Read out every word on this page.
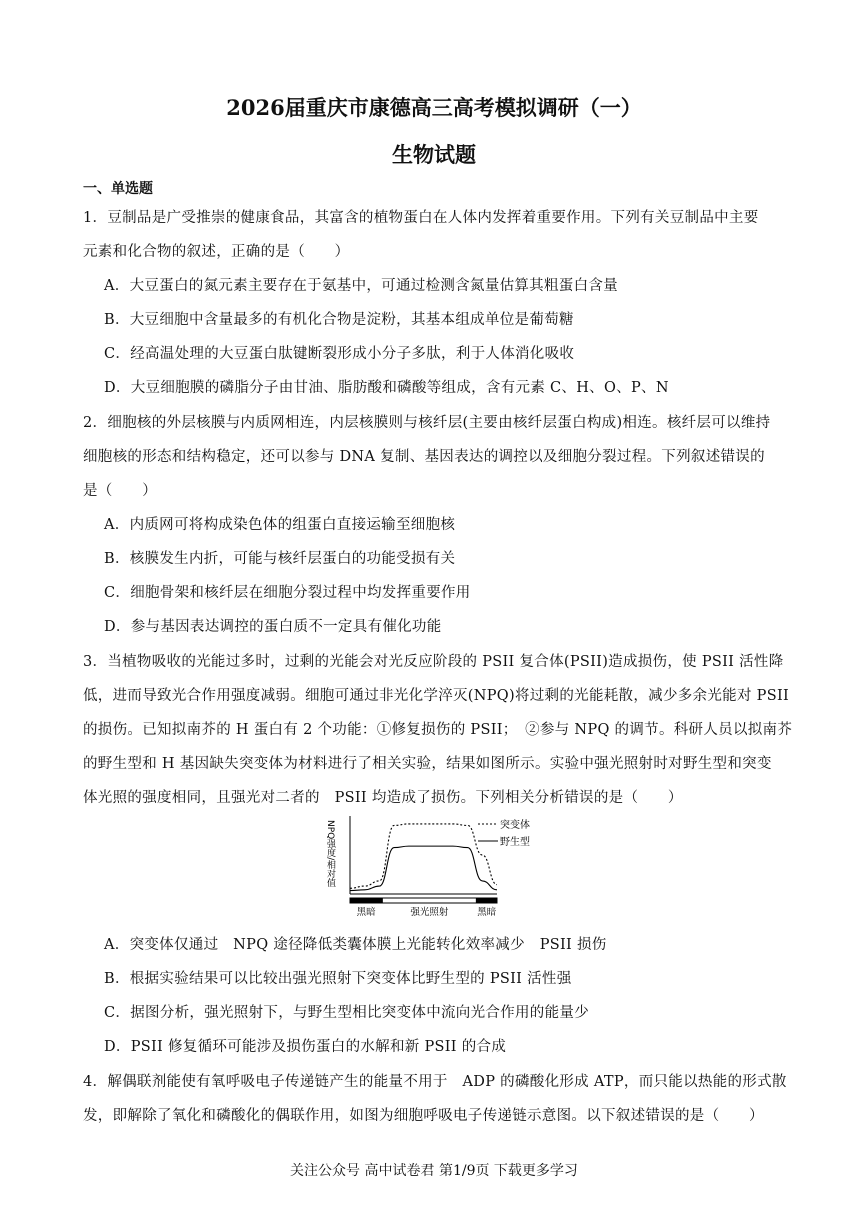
2026届重庆市康德高三高考模拟调研（一）
生物试题
一、单选题
1．豆制品是广受推崇的健康食品，其富含的植物蛋白在人体内发挥着重要作用。下列有关豆制品中主要
元素和化合物的叙述，正确的是（　　）
A．大豆蛋白的氮元素主要存在于氨基中，可通过检测含氮量估算其粗蛋白含量
B．大豆细胞中含量最多的有机化合物是淀粉，其基本组成单位是葡萄糖
C．经高温处理的大豆蛋白肽键断裂形成小分子多肽，利于人体消化吸收
D．大豆细胞膜的磷脂分子由甘油、脂肪酸和磷酸等组成，含有元素 C、H、O、P、N
2．细胞核的外层核膜与内质网相连，内层核膜则与核纤层(主要由核纤层蛋白构成)相连。核纤层可以维持
细胞核的形态和结构稳定，还可以参与 DNA 复制、基因表达的调控以及细胞分裂过程。下列叙述错误的
是（　　）
A．内质网可将构成染色体的组蛋白直接运输至细胞核
B．核膜发生内折，可能与核纤层蛋白的功能受损有关
C．细胞骨架和核纤层在细胞分裂过程中均发挥重要作用
D．参与基因表达调控的蛋白质不一定具有催化功能
3．当植物吸收的光能过多时，过剩的光能会对光反应阶段的 PSII 复合体(PSII)造成损伤，使 PSII 活性降
低，进而导致光合作用强度减弱。细胞可通过非光化学淬灭(NPQ)将过剩的光能耗散，减少多余光能对 PSII
的损伤。已知拟南芥的 H 蛋白有 2 个功能：①修复损伤的 PSII；　②参与 NPQ 的调节。科研人员以拟南芥
的野生型和 H 基因缺失突变体为材料进行了相关实验，结果如图所示。实验中强光照射时对野生型和突变
体光照的强度相同，且强光对二者的　PSII 均造成了损伤。下列相关分析错误的是（　　）
NPQ强度/相对值
黑暗	强光照射	黑暗
突变体
野生型
A．突变体仅通过　NPQ 途径降低类囊体膜上光能转化效率减少　PSII 损伤
B．根据实验结果可以比较出强光照射下突变体比野生型的 PSII 活性强
C．据图分析，强光照射下，与野生型相比突变体中流向光合作用的能量少
D．PSII 修复循环可能涉及损伤蛋白的水解和新 PSII 的合成
4．解偶联剂能使有氧呼吸电子传递链产生的能量不用于　ADP 的磷酸化形成 ATP，而只能以热能的形式散
发，即解除了氧化和磷酸化的偶联作用，如图为细胞呼吸电子传递链示意图。以下叙述错误的是（　　）
关注公众号 高中试卷君 第1/9页 下载更多学习
